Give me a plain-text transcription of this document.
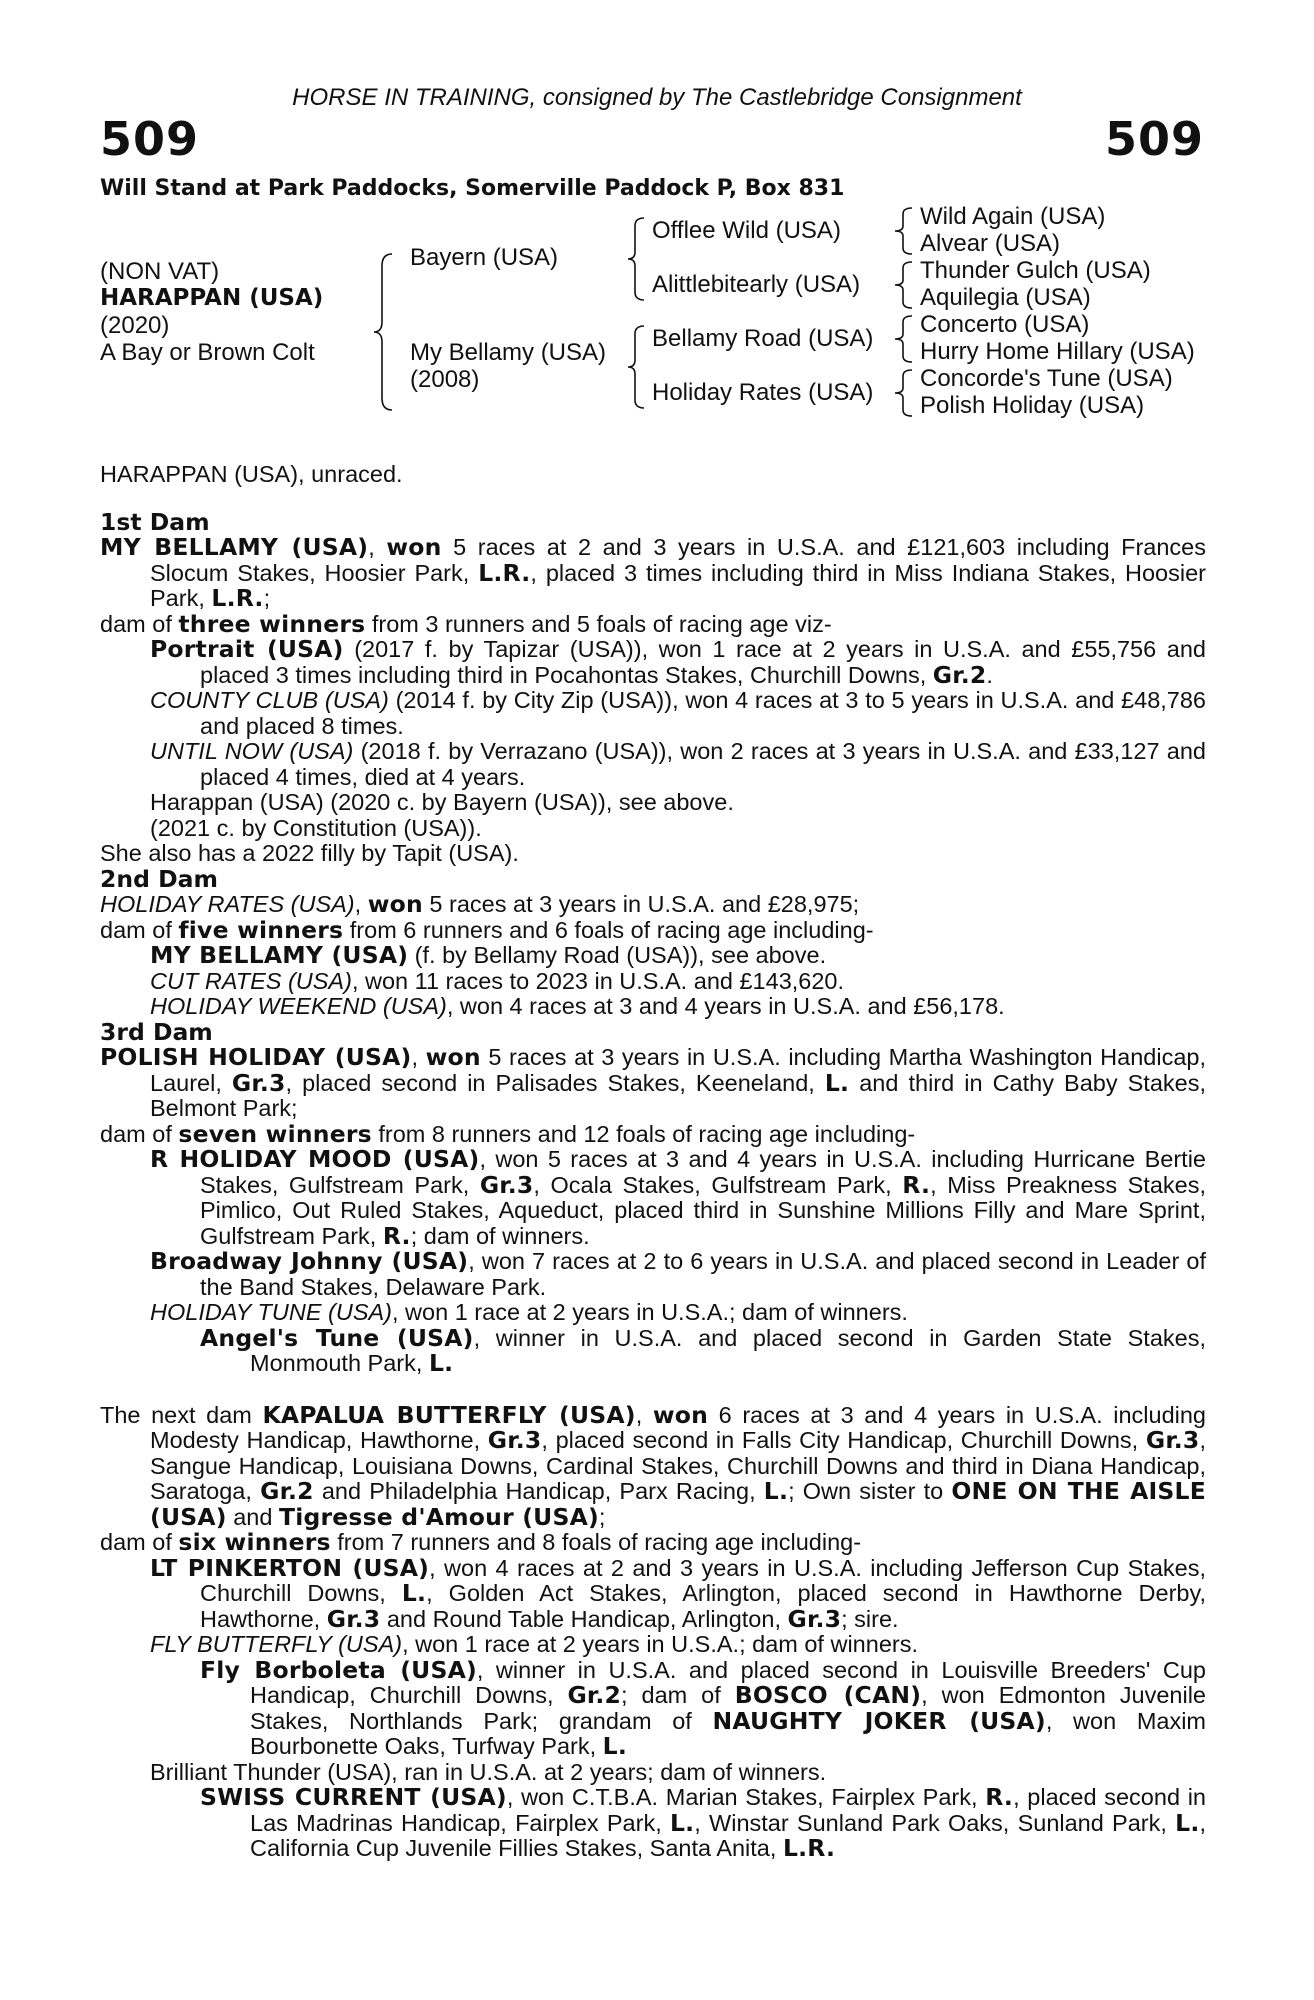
HORSE IN TRAINING, consigned by The Castlebridge Consignment
509	509
Will Stand at Park Paddocks, Somerville Paddock P, Box 831
(NON VAT)
HARAPPAN (USA)
(2020)
A Bay or Brown Colt
Bayern (USA)
My Bellamy (USA)
(2008)
Offlee Wild (USA)
Alittlebitearly (USA)
Bellamy Road (USA)
Holiday Rates (USA)
Wild Again (USA)
Alvear (USA)
Thunder Gulch (USA)
Aquilegia (USA)
Concerto (USA)
Hurry Home Hillary (USA)
Concorde's Tune (USA)
Polish Holiday (USA)

HARAPPAN (USA), unraced.

1st Dam

MY BELLAMY (USA), won 5 races at 2 and 3 years in U.S.A. and £121,603 including Frances Slocum Stakes, Hoosier Park, L.R., placed 3 times including third in Miss Indiana Stakes, Hoosier Park, L.R.;

dam of three winners from 3 runners and 5 foals of racing age viz-

Portrait (USA) (2017 f. by Tapizar (USA)), won 1 race at 2 years in U.S.A. and £55,756 and placed 3 times including third in Pocahontas Stakes, Churchill Downs, Gr.2.

COUNTY CLUB (USA) (2014 f. by City Zip (USA)), won 4 races at 3 to 5 years in U.S.A. and £48,786 and placed 8 times.

UNTIL NOW (USA) (2018 f. by Verrazano (USA)), won 2 races at 3 years in U.S.A. and £33,127 and placed 4 times, died at 4 years.

Harappan (USA) (2020 c. by Bayern (USA)), see above.

(2021 c. by Constitution (USA)).

She also has a 2022 filly by Tapit (USA).

2nd Dam

HOLIDAY RATES (USA), won 5 races at 3 years in U.S.A. and £28,975;

dam of five winners from 6 runners and 6 foals of racing age including-

MY BELLAMY (USA) (f. by Bellamy Road (USA)), see above.

CUT RATES (USA), won 11 races to 2023 in U.S.A. and £143,620.

HOLIDAY WEEKEND (USA), won 4 races at 3 and 4 years in U.S.A. and £56,178.

3rd Dam

POLISH HOLIDAY (USA), won 5 races at 3 years in U.S.A. including Martha Washington Handicap, Laurel, Gr.3, placed second in Palisades Stakes, Keeneland, L. and third in Cathy Baby Stakes, Belmont Park;

dam of seven winners from 8 runners and 12 foals of racing age including-

R HOLIDAY MOOD (USA), won 5 races at 3 and 4 years in U.S.A. including Hurricane Bertie Stakes, Gulfstream Park, Gr.3, Ocala Stakes, Gulfstream Park, R., Miss Preakness Stakes, Pimlico, Out Ruled Stakes, Aqueduct, placed third in Sunshine Millions Filly and Mare Sprint, Gulfstream Park, R.; dam of winners.

Broadway Johnny (USA), won 7 races at 2 to 6 years in U.S.A. and placed second in Leader of the Band Stakes, Delaware Park.

HOLIDAY TUNE (USA), won 1 race at 2 years in U.S.A.; dam of winners.

Angel's Tune (USA), winner in U.S.A. and placed second in Garden State Stakes, Monmouth Park, L.

The next dam KAPALUA BUTTERFLY (USA), won 6 races at 3 and 4 years in U.S.A. including Modesty Handicap, Hawthorne, Gr.3, placed second in Falls City Handicap, Churchill Downs, Gr.3, Sangue Handicap, Louisiana Downs, Cardinal Stakes, Churchill Downs and third in Diana Handicap, Saratoga, Gr.2 and Philadelphia Handicap, Parx Racing, L.; Own sister to ONE ON THE AISLE (USA) and Tigresse d'Amour (USA);

dam of six winners from 7 runners and 8 foals of racing age including-

LT PINKERTON (USA), won 4 races at 2 and 3 years in U.S.A. including Jefferson Cup Stakes, Churchill Downs, L., Golden Act Stakes, Arlington, placed second in Hawthorne Derby, Hawthorne, Gr.3 and Round Table Handicap, Arlington, Gr.3; sire.

FLY BUTTERFLY (USA), won 1 race at 2 years in U.S.A.; dam of winners.

Fly Borboleta (USA), winner in U.S.A. and placed second in Louisville Breeders' Cup Handicap, Churchill Downs, Gr.2; dam of BOSCO (CAN), won Edmonton Juvenile Stakes, Northlands Park; grandam of NAUGHTY JOKER (USA), won Maxim Bourbonette Oaks, Turfway Park, L.

Brilliant Thunder (USA), ran in U.S.A. at 2 years; dam of winners.

SWISS CURRENT (USA), won C.T.B.A. Marian Stakes, Fairplex Park, R., placed second in Las Madrinas Handicap, Fairplex Park, L., Winstar Sunland Park Oaks, Sunland Park, L., California Cup Juvenile Fillies Stakes, Santa Anita, L.R.
